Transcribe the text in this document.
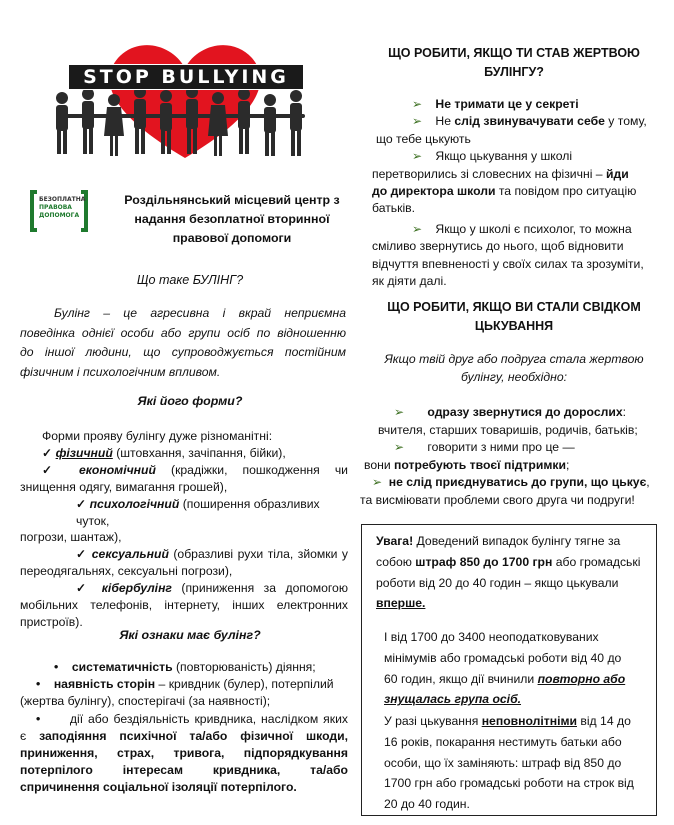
STOP BULLYING
БЕЗОПЛАТНА
ПРАВОВА
ДОПОМОГА
Роздільнянський місцевий центр з
надання безоплатної вторинної
правової допомоги
Що таке БУЛІНГ?
Булінг – це агресивна і вкрай неприємна
поведінка однієї особи або групи осіб по відношенню
до іншої людини, що супроводжується постійним
фізичним і психологічним впливом.
Які його форми?
Форми прояву булінгу дуже різноманітні:
✓ фізичний (штовхання, зачіпання, бійки),
✓ економічний (крадіжки, пошкодження чи
знищення одягу, вимагання грошей),
✓ психологічний (поширення образливих чуток,
погрози, шантаж),
✓ сексуальний (образливі рухи тіла, зйомки у
переодягальнях, сексуальні погрози),
✓ кібербулінг (приниження за допомогою
мобільних телефонів, інтернету, інших електронних
пристроїв).
Які ознаки має булінг?
•    систематичність (повторюваність) діяння;
•    наявність сторін – кривдник (булер), потерпілий
(жертва булінгу), спостерігачі (за наявності);
•      дії або бездіяльність кривдника, наслідком яких
є заподіяння психічної та/або фізичної шкоди,
приниження, страх, тривога, підпорядкування
потерпілого інтересам кривдника, та/або
спричинення соціальної ізоляції потерпілого.
ЩО РОБИТИ, ЯКЩО ТИ СТАВ ЖЕРТВОЮ
БУЛІНГУ?
➢    Не тримати це у секреті
➢    Не слід звинувачувати себе у тому,
що тебе цькують
➢    Якщо цькування у школі
перетворились зі словесних на фізичні – йди
до директора школи та повідом про ситуацію
батьків.
➢    Якщо у школі є психолог, то можна
сміливо звернутись до нього, щоб відновити
відчуття впевненості у своїх силах та зрозуміти,
як діяти далі.
ЩО РОБИТИ, ЯКЩО ВИ СТАЛИ СВІДКОМ
ЦЬКУВАННЯ
Якщо твій друг або подруга стала жертвою
булінгу, необхідно:
➢       одразу звернутися до дорослих:
вчителя, старших товаришів, родичів, батьків;
➢       говорити з ними про це —
вони потребують твоєї підтримки;
➢  не слід приєднуватись до групи, що цькує,
та висміювати проблеми свого друга чи подруги!
Увага! Доведений випадок булінгу тягне за
собою штраф 850 до 1700 грн або громадські
роботи від 20 до 40 годин – якщо цькували
вперше.
І від 1700 до 3400 неоподатковуваних
мінімумів або громадські роботи від 40 до
60 годин, якщо дії вчинили повторно або
знущалась група осіб.
У разі цькування неповнолітніми від 14 до
16 років, покарання нестимуть батьки або
особи, що їх заміняють: штраф від 850 до
1700 грн або громадські роботи на строк від
20 до 40 годин.
